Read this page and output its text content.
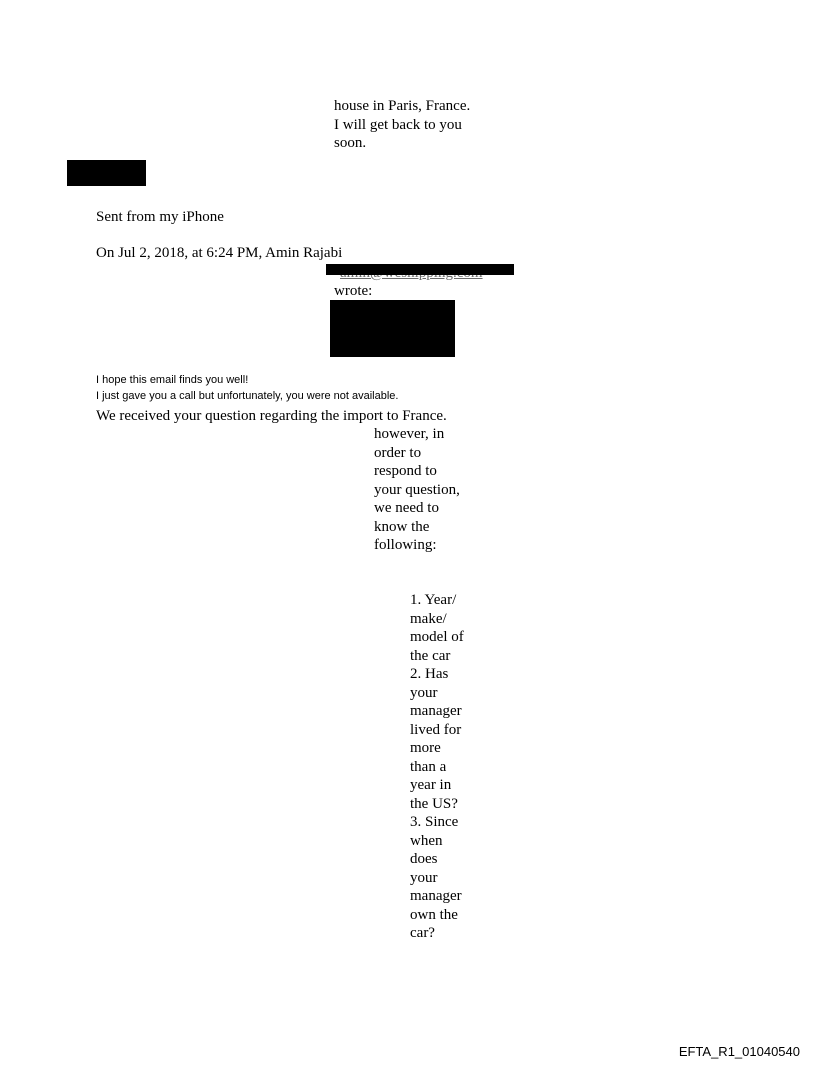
house in Paris, France.
I will get back to you
soon.
y
Sent from my iPhone
On Jul 2, 2018, at 6:24 PM, Amin Rajabi
wrote:
I hope this email finds you well!
I just gave you a call but unfortunately, you were not available.
We received your question regarding the import to France.
however, in
order to
respond to
your question,
we need to
know the
following:
1. Year/
make/
model of
the car
2. Has
your
manager
lived for
more
than a
year in
the US?
3. Since
when
does
your
manager
own the
car?
EFTA_R1_01040540
